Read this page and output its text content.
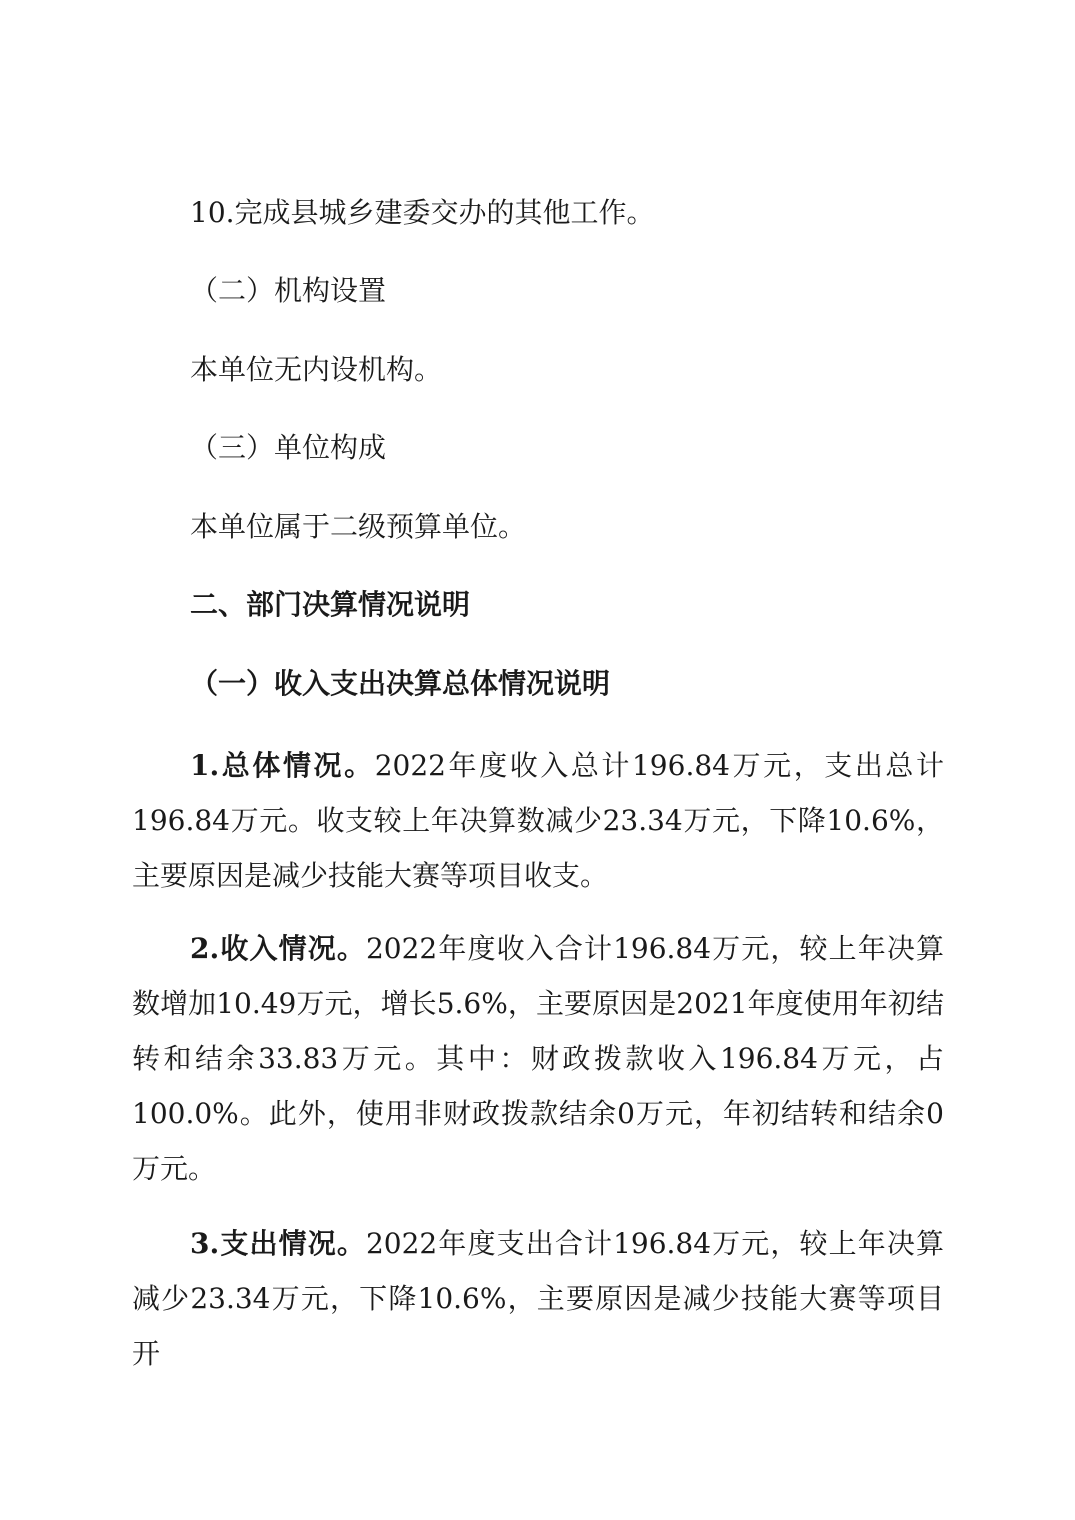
10.完成县城乡建委交办的其他工作。
（二）机构设置
本单位无内设机构。
（三）单位构成
本单位属于二级预算单位。
二、部门决算情况说明
（一）收入支出决算总体情况说明
1.总体情况。2022年度收入总计196.84万元，支出总计196.84万元。收支较上年决算数减少23.34万元，下降10.6%，主要原因是减少技能大赛等项目收支。
2.收入情况。2022年度收入合计196.84万元，较上年决算数增加10.49万元，增长5.6%，主要原因是2021年度使用年初结转和结余33.83万元。其中：财政拨款收入196.84万元，占100.0%。此外，使用非财政拨款结余0万元，年初结转和结余0万元。
3.支出情况。2022年度支出合计196.84万元，较上年决算减少23.34万元，下降10.6%，主要原因是减少技能大赛等项目开
